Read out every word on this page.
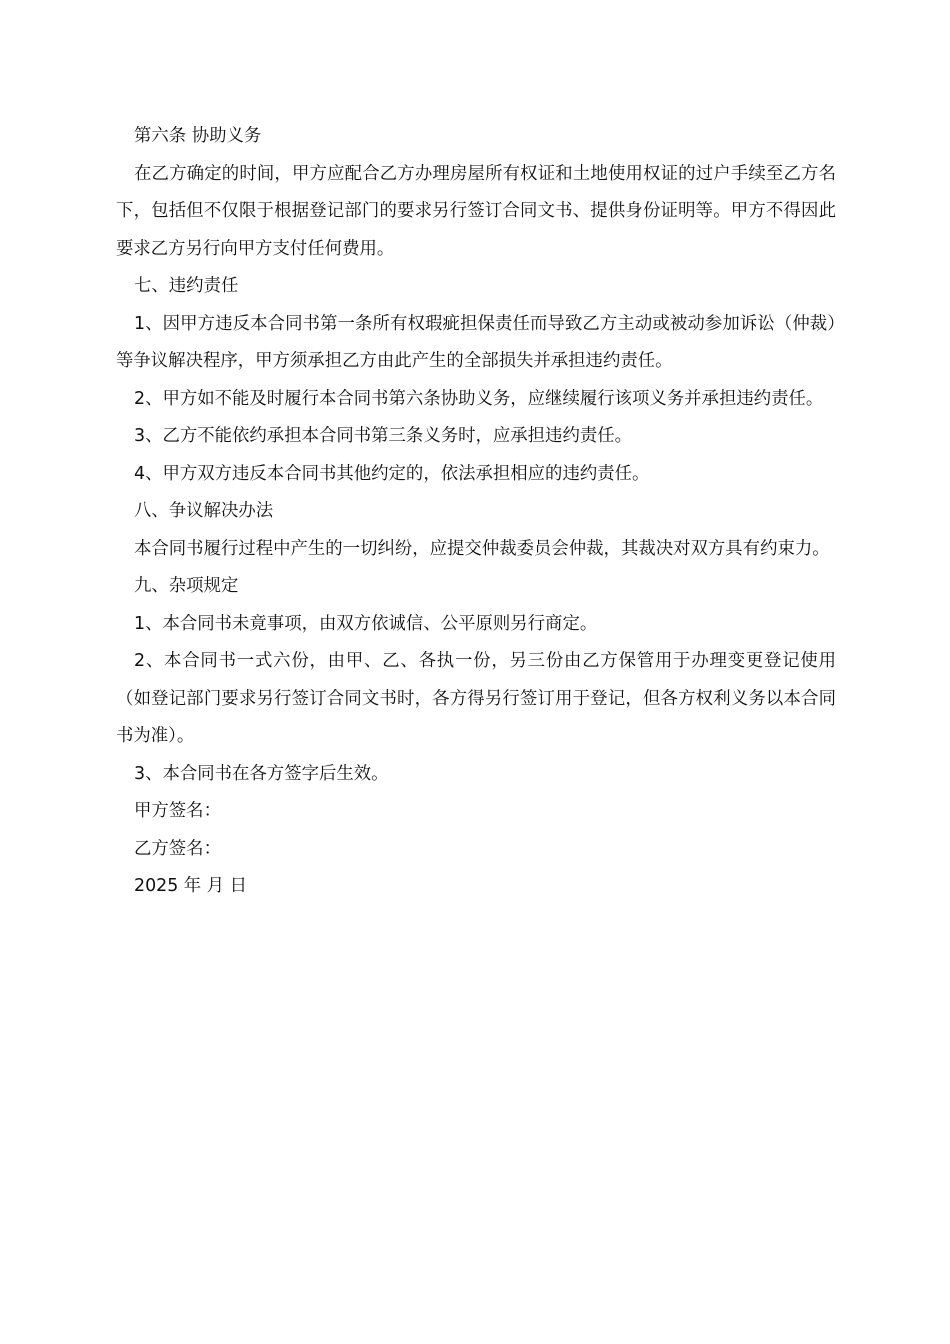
第六条 协助义务

在乙方确定的时间，甲方应配合乙方办理房屋所有权证和土地使用权证的过户手续至乙方名下，包括但不仅限于根据登记部门的要求另行签订合同文书、提供身份证明等。甲方不得因此要求乙方另行向甲方支付任何费用。

七、违约责任

1、因甲方违反本合同书第一条所有权瑕疵担保责任而导致乙方主动或被动参加诉讼（仲裁）等争议解决程序，甲方须承担乙方由此产生的全部损失并承担违约责任。

2、甲方如不能及时履行本合同书第六条协助义务，应继续履行该项义务并承担违约责任。

3、乙方不能依约承担本合同书第三条义务时，应承担违约责任。

4、甲方双方违反本合同书其他约定的，依法承担相应的违约责任。

八、争议解决办法

本合同书履行过程中产生的一切纠纷，应提交仲裁委员会仲裁，其裁决对双方具有约束力。

九、杂项规定

1、本合同书未竟事项，由双方依诚信、公平原则另行商定。

2、本合同书一式六份，由甲、乙、各执一份，另三份由乙方保管用于办理变更登记使用（如登记部门要求另行签订合同文书时，各方得另行签订用于登记，但各方权利义务以本合同书为准）。

3、本合同书在各方签字后生效。

甲方签名：

乙方签名：

2025 年 月 日
